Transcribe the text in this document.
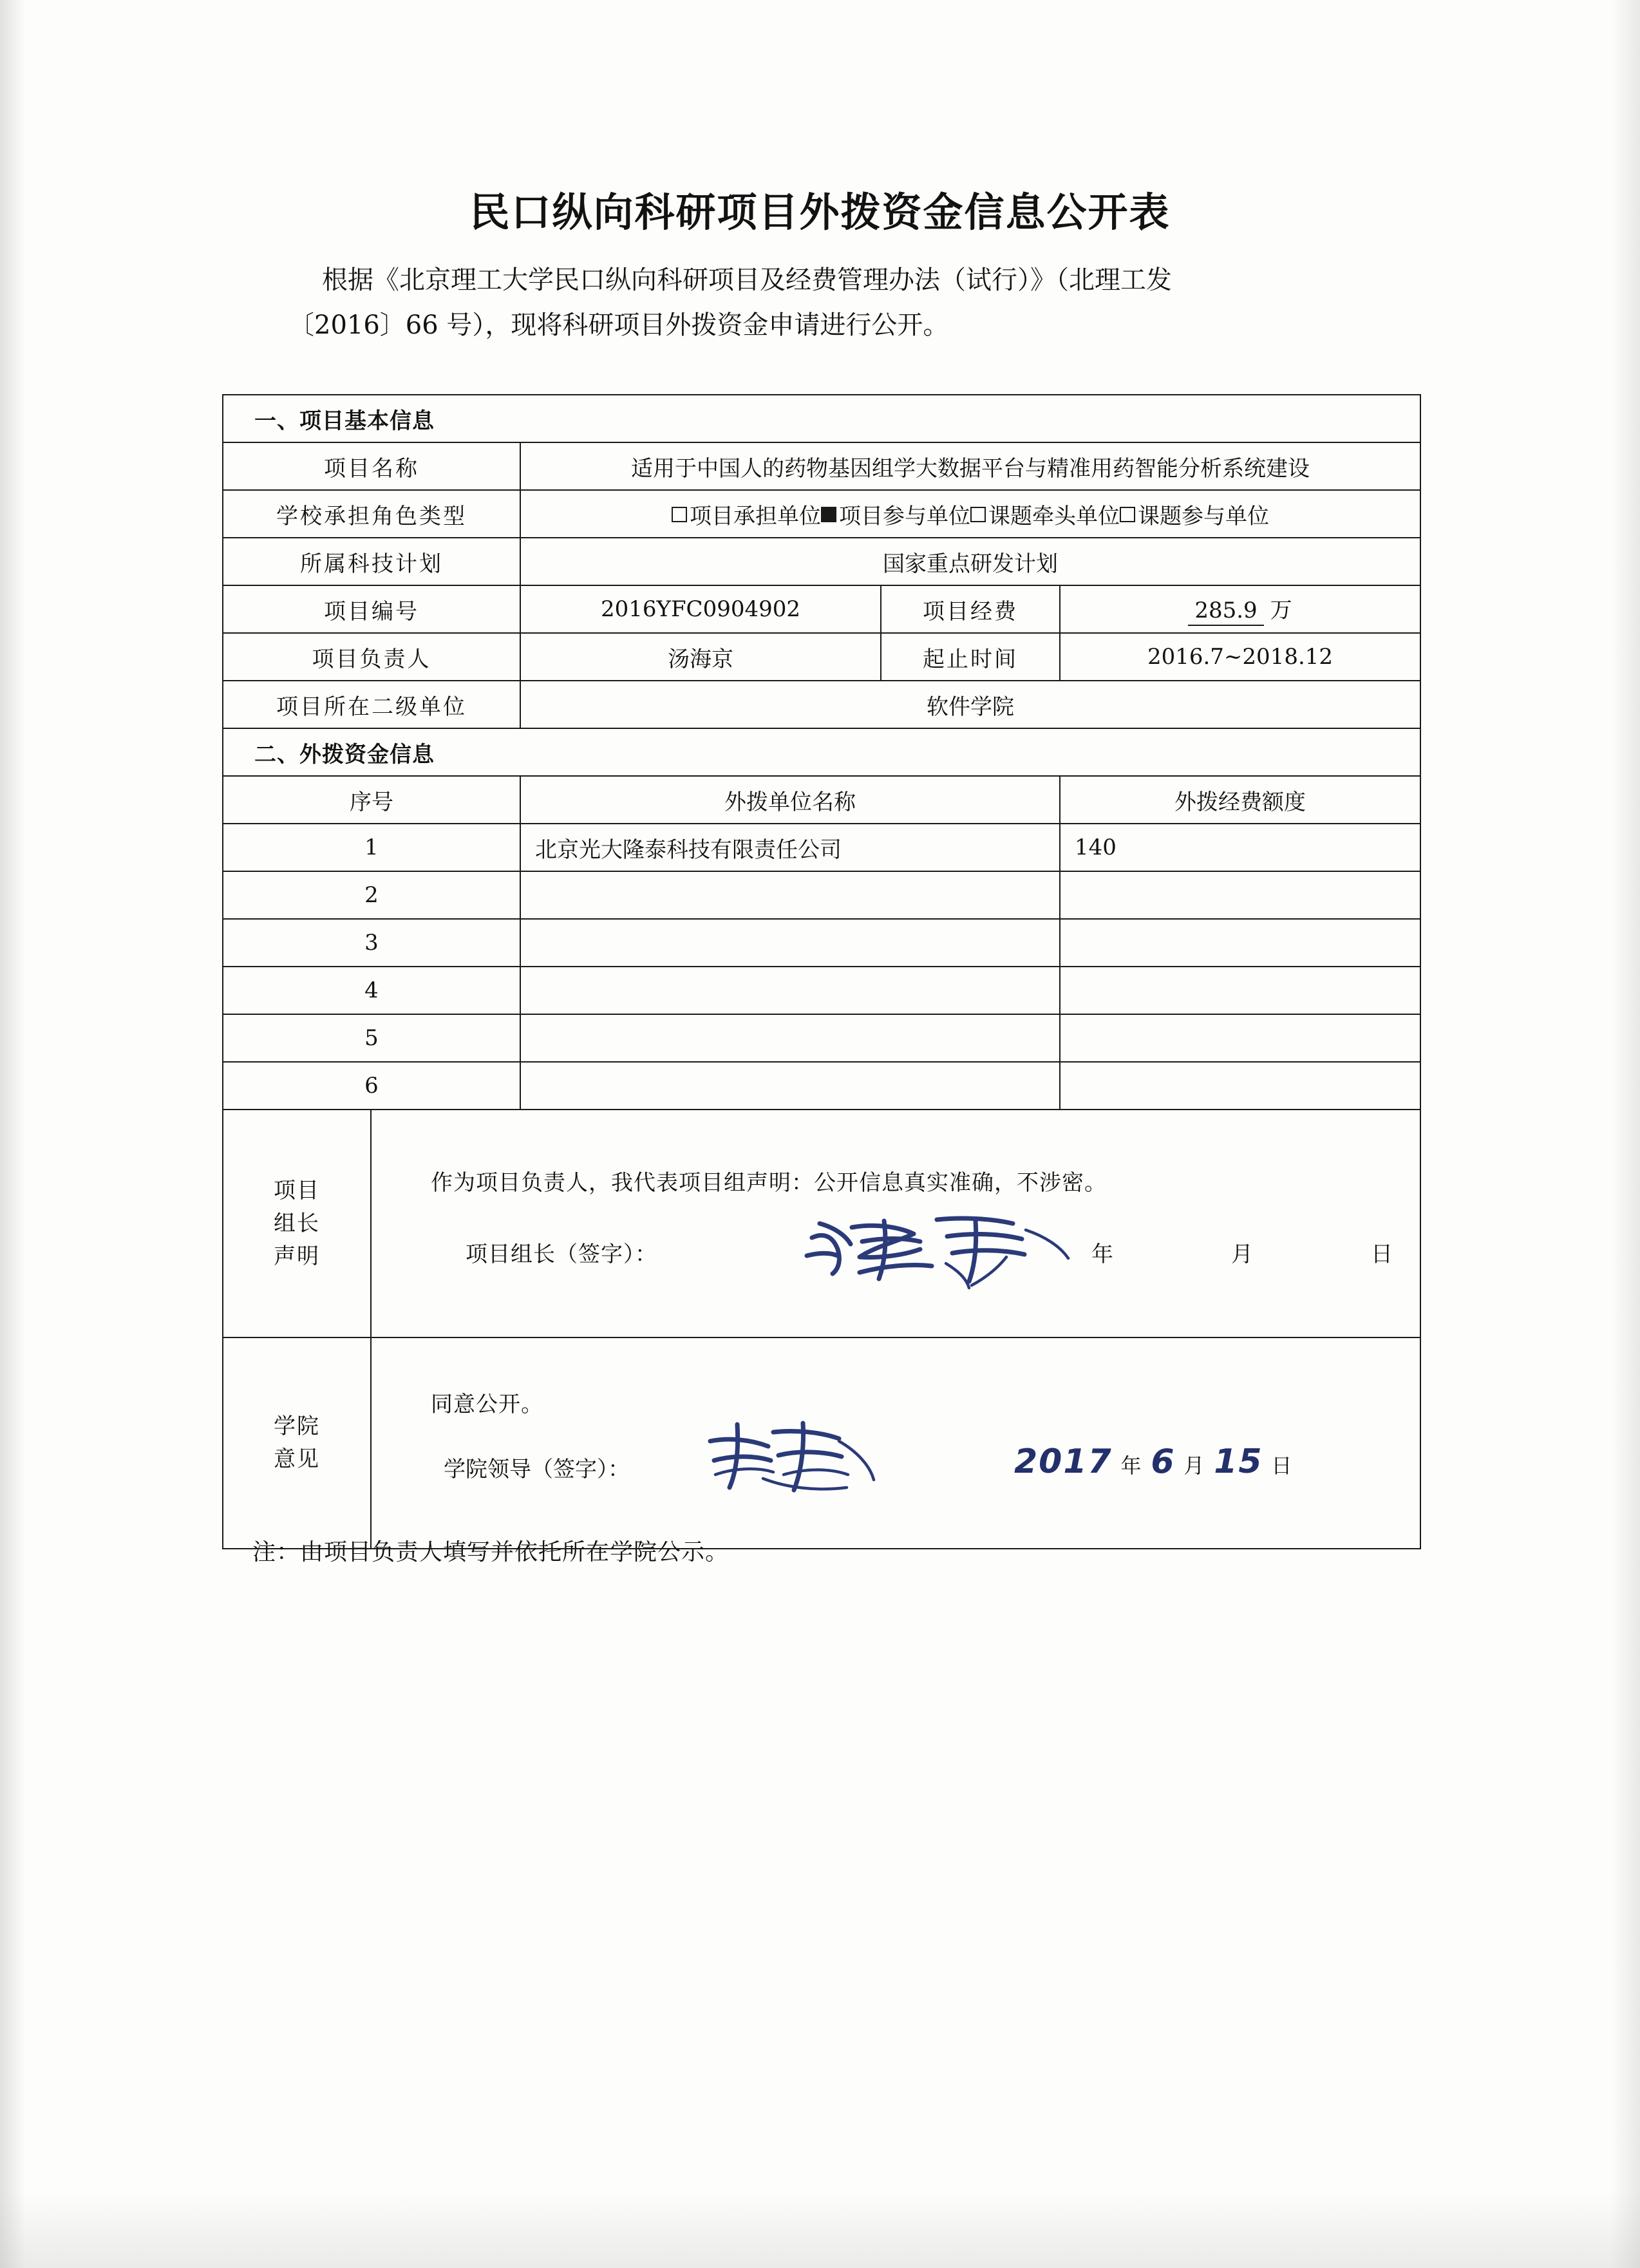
民口纵向科研项目外拨资金信息公开表
根据《北京理工大学民口纵向科研项目及经费管理办法（试行）》（北理工发
〔2016〕66 号），现将科研项目外拨资金申请进行公开。
一、项目基本信息				
项目名称		适用于中国人的药物基因组学大数据平台与精准用药智能分析系统建设		
学校承担角色类型		项目承担单位 项目参与单位 课题牵头单位 课题参与单位		
所属科技计划		国家重点研发计划		
项目编号		2016YFC0904902	项目经费	285.9 万
项目负责人		汤海京	起止时间	2016.7~2018.12
项目所在二级单位		软件学院		
二、外拨资金信息				
序号		外拨单位名称		外拨经费额度
1		北京光大隆泰科技有限责任公司		140
2				
3				
4				
5				
6				

项目
组长
声明

作为项目负责人，我代表项目组声明：公开信息真实准确，不涉密。
项目组长（签字）：	年	月	日

学院
意见

同意公开。
学院领导（签字）：	2017 年 6 月 15 日
注：由项目负责人填写并依托所在学院公示。
